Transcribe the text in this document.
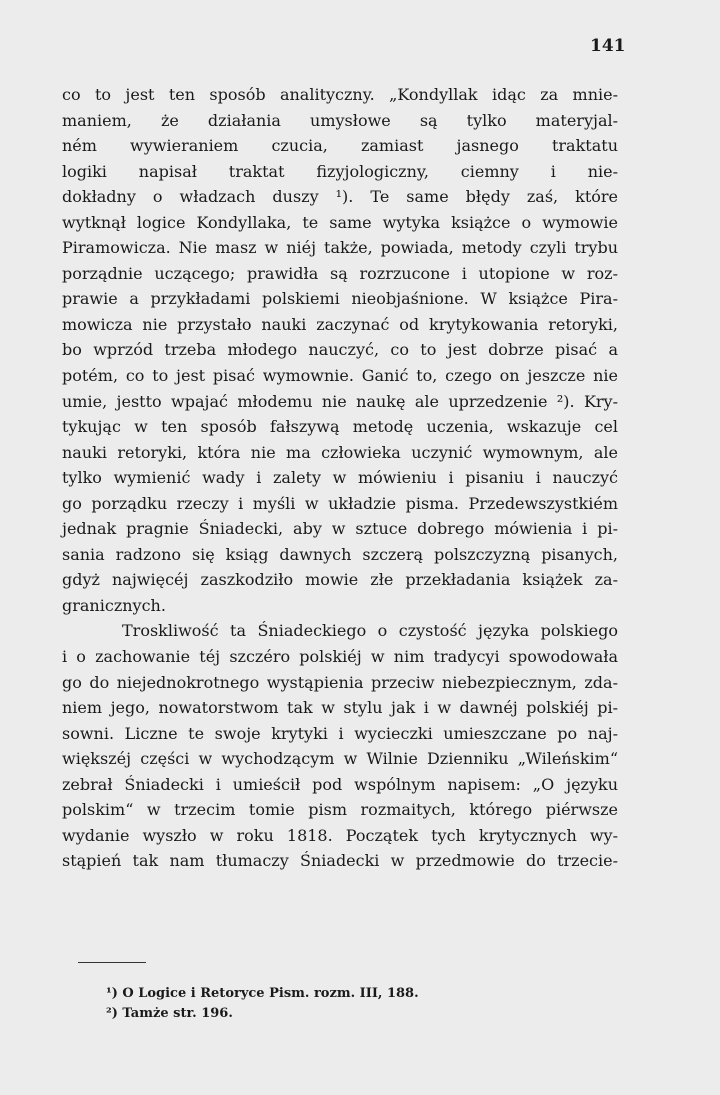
141
co to jest ten sposób analityczny. „Kondyllak idąc za mnie-
maniem, że działania umysłowe są tylko materyjal-
ném wywieraniem czucia, zamiast jasnego traktatu
logiki napisał traktat fizyjologiczny, ciemny i nie-
dokładny o władzach duszy ¹). Te same błędy zaś, które
wytknął logice Kondyllaka, te same wytyka książce o wymowie
Piramowicza. Nie masz w niéj także, powiada, metody czyli trybu
porządnie uczącego; prawidła są rozrzucone i utopione w roz-
prawie a przykładami polskiemi nieobjaśnione. W książce Pira-
mowicza nie przystało nauki zaczynać od krytykowania retoryki,
bo wprzód trzeba młodego nauczyć, co to jest dobrze pisać a
potém, co to jest pisać wymownie. Ganić to, czego on jeszcze nie
umie, jestto wpajać młodemu nie naukę ale uprzedzenie ²). Kry-
tykując w ten sposób fałszywą metodę uczenia, wskazuje cel
nauki retoryki, która nie ma człowieka uczynić wymownym, ale
tylko wymienić wady i zalety w mówieniu i pisaniu i nauczyć
go porządku rzeczy i myśli w układzie pisma. Przedewszystkiém
jednak pragnie Śniadecki, aby w sztuce dobrego mówienia i pi-
sania radzono się ksiąg dawnych szczerą polszczyzną pisanych,
gdyż najwięcéj zaszkodziło mowie złe przekładania książek za-
granicznych.
Troskliwość ta Śniadeckiego o czystość języka polskiego
i o zachowanie téj szczéro polskiéj w nim tradycyi spowodowała
go do niejednokrotnego wystąpienia przeciw niebezpiecznym, zda-
niem jego, nowatorstwom tak w stylu jak i w dawnéj polskiéj pi-
sowni. Liczne te swoje krytyki i wycieczki umieszczane po naj-
większéj części w wychodzącym w Wilnie Dzienniku „Wileńskim“
zebrał Śniadecki i umieścił pod wspólnym napisem: „O języku
polskim“ w trzecim tomie pism rozmaitych, którego piérwsze
wydanie wyszło w roku 1818. Początek tych krytycznych wy-
stąpień tak nam tłumaczy Śniadecki w przedmowie do trzecie-
¹) O Logice i Retoryce Pism. rozm. III, 188.
²) Tamże str. 196.
